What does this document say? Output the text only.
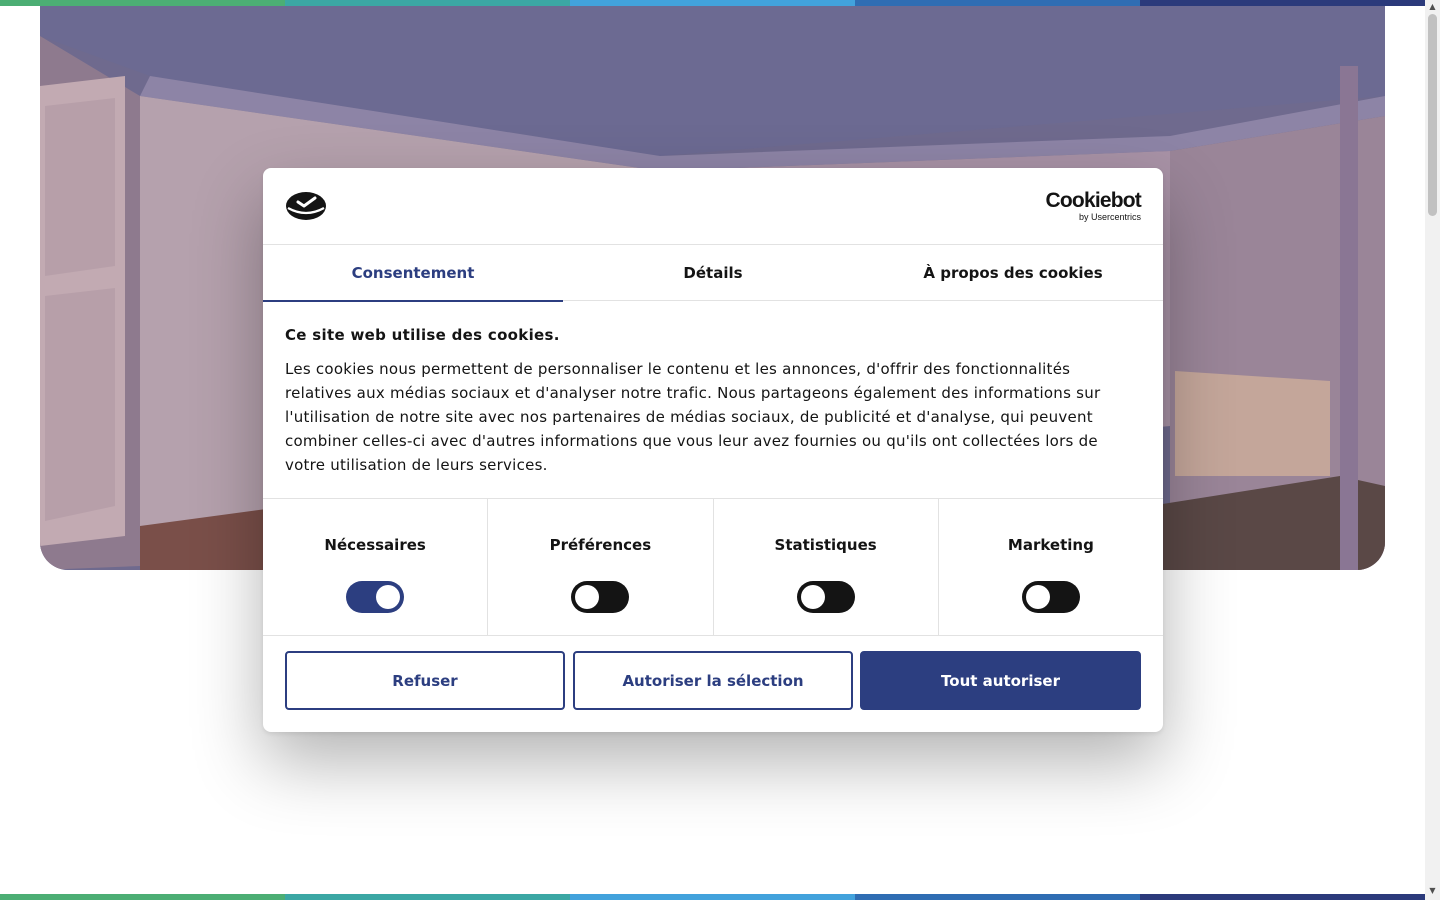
▲
▼
Cookiebot
by Usercentrics
Consentement	Détails	À propos des cookies
Ce site web utilise des cookies.

Les cookies nous permettent de personnaliser le contenu et les annonces, d'offrir des fonctionnalités relatives aux médias sociaux et d'analyser notre trafic. Nous partageons également des informations sur l'utilisation de notre site avec nos partenaires de médias sociaux, de publicité et d'analyse, qui peuvent combiner celles-ci avec d'autres informations que vous leur avez fournies ou qu'ils ont collectées lors de votre utilisation de leurs services.

Nécessaires	Préférences	Statistiques	Marketing
Refuser	Autoriser la sélection	Tout autoriser
